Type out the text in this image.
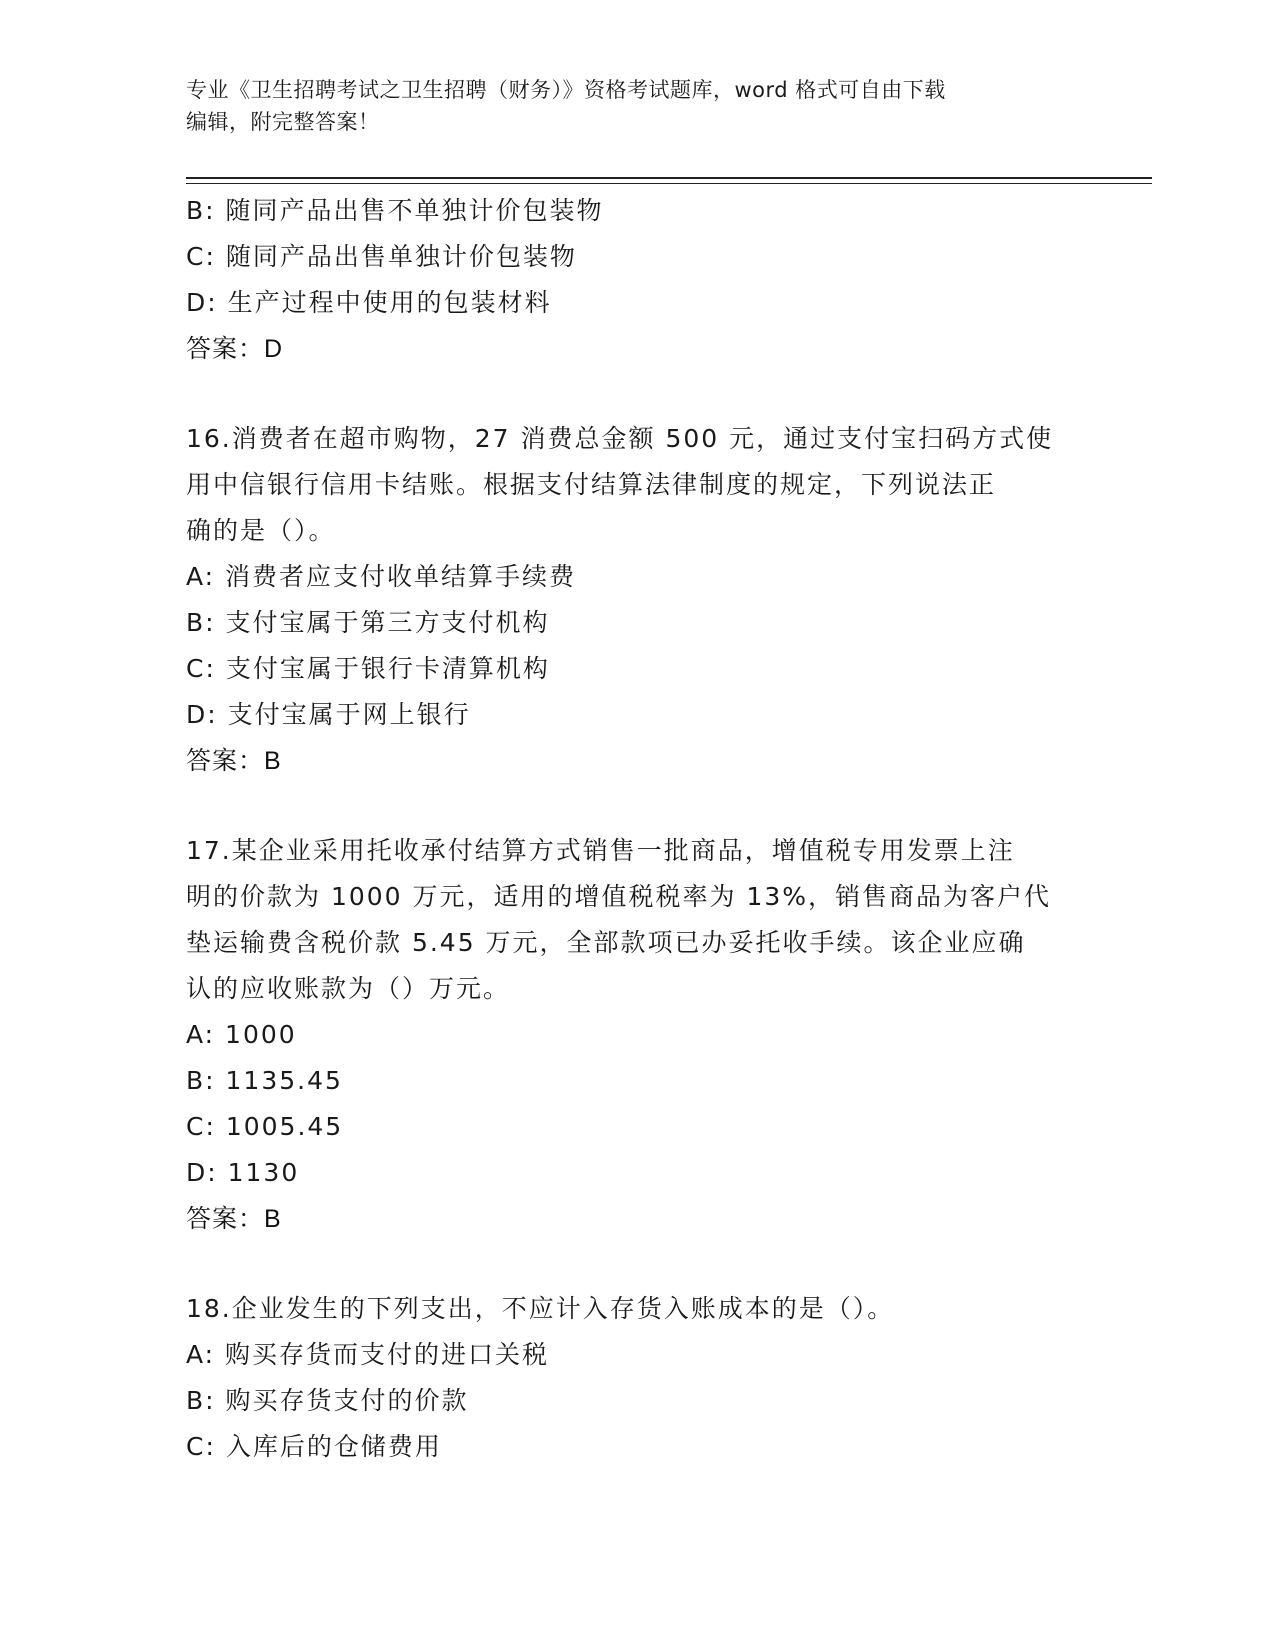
专业《卫生招聘考试之卫生招聘（财务）》资格考试题库，word 格式可自由下载
编辑，附完整答案！
B: 随同产品出售不单独计价包装物
C: 随同产品出售单独计价包装物
D: 生产过程中使用的包装材料
答案：D
16.消费者在超市购物，27 消费总金额 500 元，通过支付宝扫码方式使
用中信银行信用卡结账。根据支付结算法律制度的规定，下列说法正
确的是（）。
A: 消费者应支付收单结算手续费
B: 支付宝属于第三方支付机构
C: 支付宝属于银行卡清算机构
D: 支付宝属于网上银行
答案：B
17.某企业采用托收承付结算方式销售一批商品，增值税专用发票上注
明的价款为 1000 万元，适用的增值税税率为 13%，销售商品为客户代
垫运输费含税价款 5.45 万元，全部款项已办妥托收手续。该企业应确
认的应收账款为（）万元。
A: 1000
B: 1135.45
C: 1005.45
D: 1130
答案：B
18.企业发生的下列支出，不应计入存货入账成本的是（）。
A: 购买存货而支付的进口关税
B: 购买存货支付的价款
C: 入库后的仓储费用
